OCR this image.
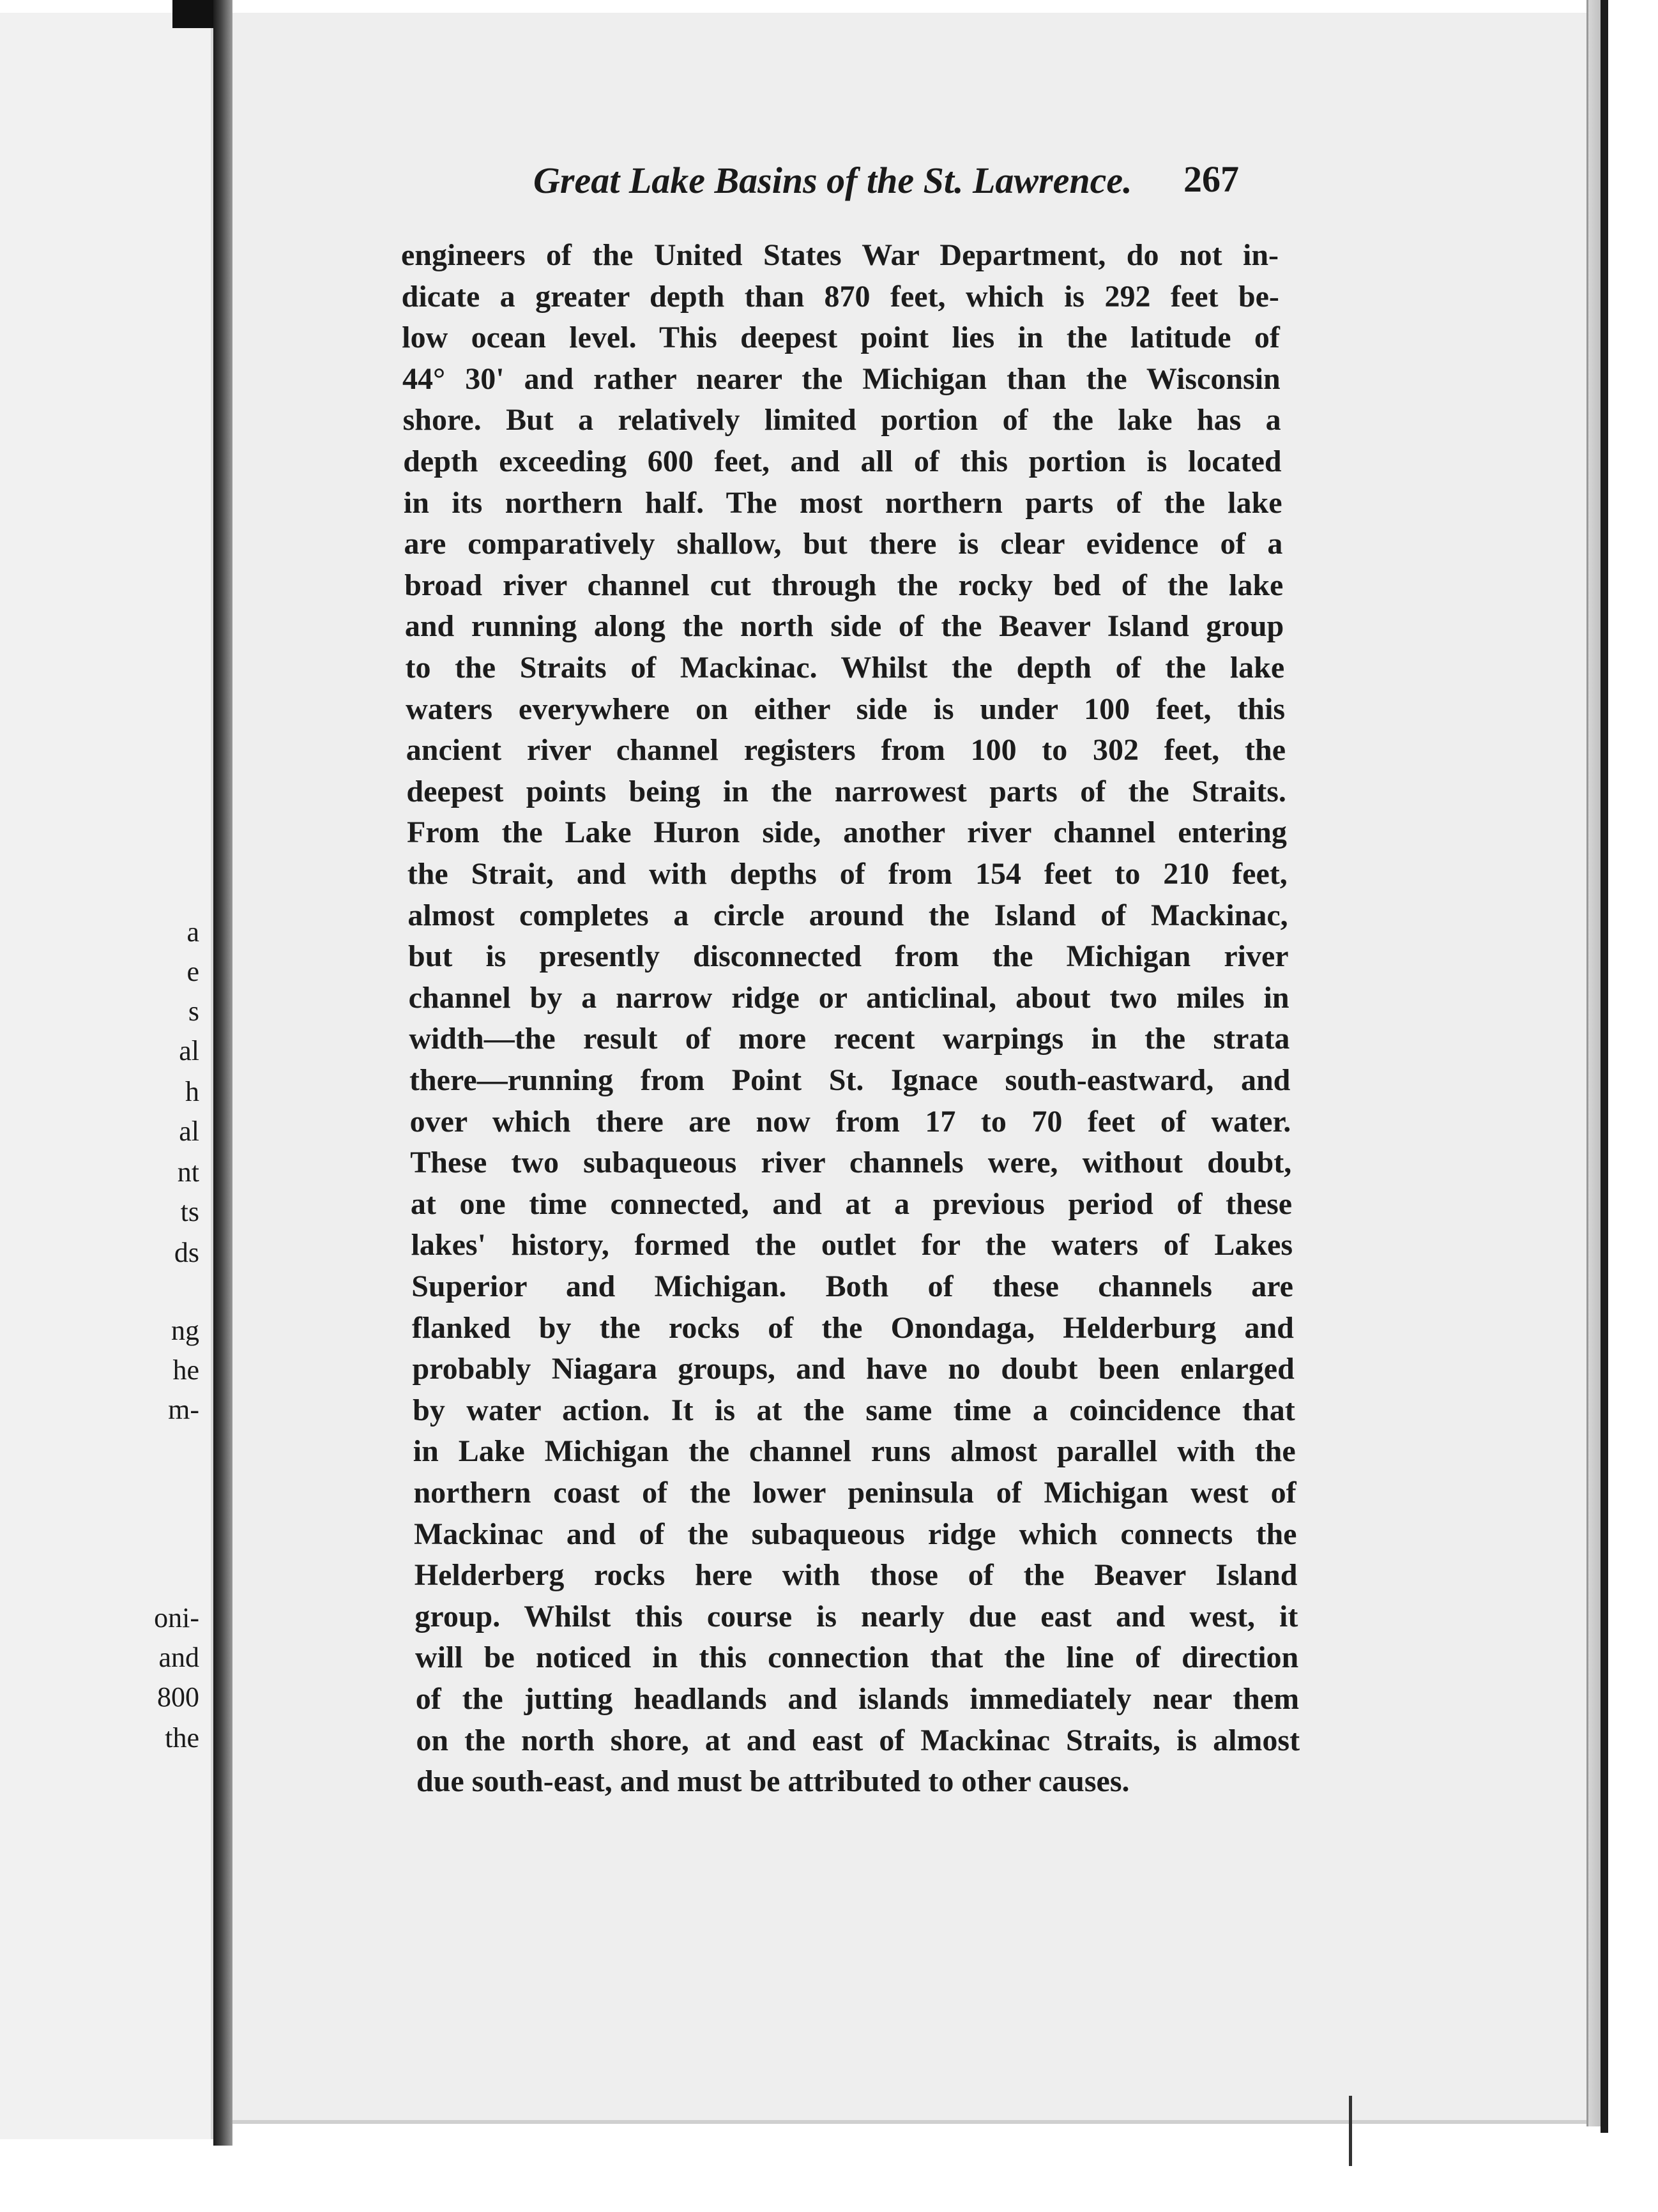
a
e
s
al
h
al
nt
ts
ds
ng
he
m-
oni-
and
800
the
Great Lake Basins of the St. Lawrence. 267
engineers of the United States War Department, do not in-
dicate a greater depth than 870 feet, which is 292 feet be-
low ocean level. This deepest point lies in the latitude of
44° 30' and rather nearer the Michigan than the Wisconsin
shore. But a relatively limited portion of the lake has a
depth exceeding 600 feet, and all of this portion is located
in its northern half. The most northern parts of the lake
are comparatively shallow, but there is clear evidence of a
broad river channel cut through the rocky bed of the lake
and running along the north side of the Beaver Island group
to the Straits of Mackinac. Whilst the depth of the lake
waters everywhere on either side is under 100 feet, this
ancient river channel registers from 100 to 302 feet, the
deepest points being in the narrowest parts of the Straits.
From the Lake Huron side, another river channel entering
the Strait, and with depths of from 154 feet to 210 feet,
almost completes a circle around the Island of Mackinac,
but is presently disconnected from the Michigan river
channel by a narrow ridge or anticlinal, about two miles in
width—the result of more recent warpings in the strata
there—running from Point St. Ignace south-eastward, and
over which there are now from 17 to 70 feet of water.
These two subaqueous river channels were, without doubt,
at one time connected, and at a previous period of these
lakes' history, formed the outlet for the waters of Lakes
Superior and Michigan. Both of these channels are
flanked by the rocks of the Onondaga, Helderburg and
probably Niagara groups, and have no doubt been enlarged
by water action. It is at the same time a coincidence that
in Lake Michigan the channel runs almost parallel with the
northern coast of the lower peninsula of Michigan west of
Mackinac and of the subaqueous ridge which connects the
Helderberg rocks here with those of the Beaver Island
group. Whilst this course is nearly due east and west, it
will be noticed in this connection that the line of direction
of the jutting headlands and islands immediately near them
on the north shore, at and east of Mackinac Straits, is almost
due south-east, and must be attributed to other causes.
